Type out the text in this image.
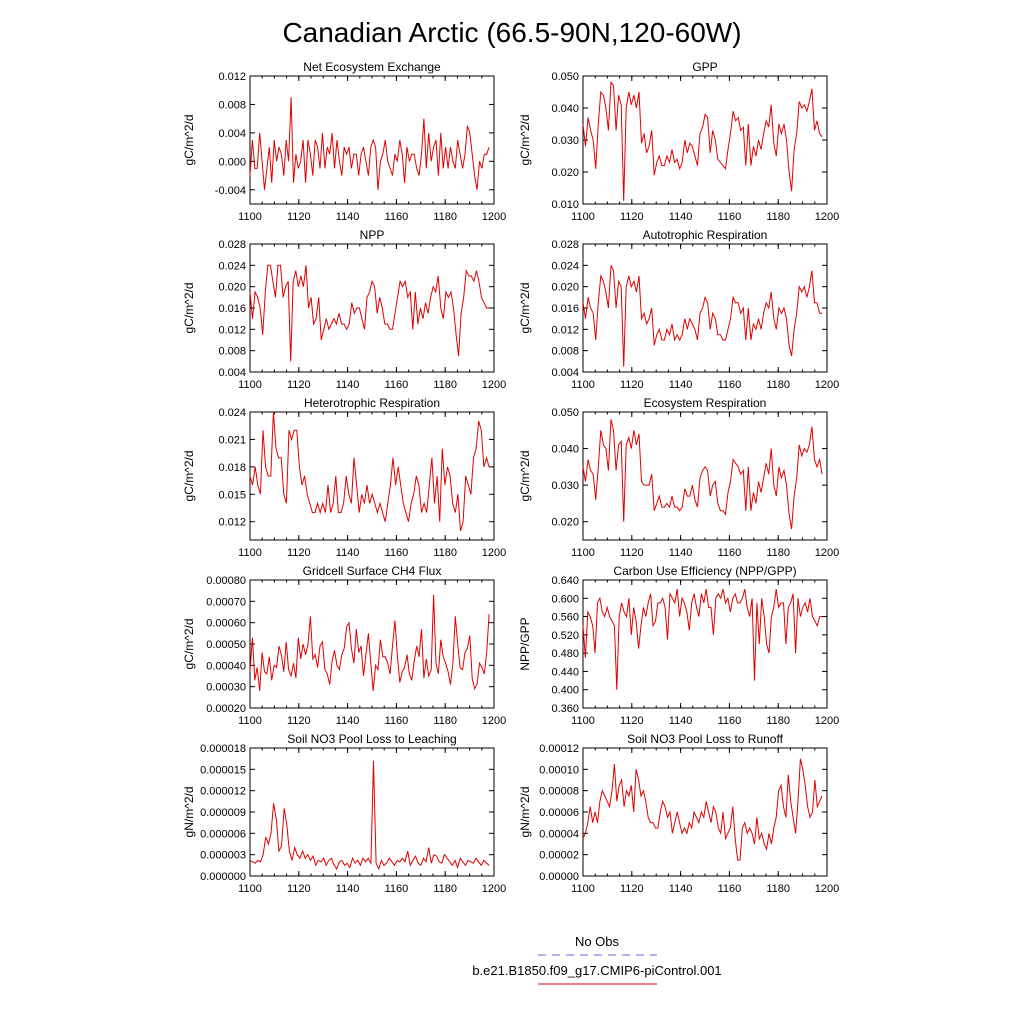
Canadian Arctic (66.5-90N,120-60W)
Net Ecosystem Exchange
gC/m^2/d
1100 1120 1140 1160 1180 1200
-0.004
0.000
0.004
0.008
0.012
GPP
gC/m^2/d
1100 1120 1140 1160 1180 1200
0.010
0.020
0.030
0.040
0.050
NPP
gC/m^2/d
1100 1120 1140 1160 1180 1200
0.004
0.008
0.012
0.016
0.020
0.024
0.028
Autotrophic Respiration
gC/m^2/d
1100 1120 1140 1160 1180 1200
0.004
0.008
0.012
0.016
0.020
0.024
0.028
Heterotrophic Respiration
gC/m^2/d
1100 1120 1140 1160 1180 1200
0.012
0.015
0.018
0.021
0.024
Ecosystem Respiration
gC/m^2/d
1100 1120 1140 1160 1180 1200
0.020
0.030
0.040
0.050
Gridcell Surface CH4 Flux
gC/m^2/d
1100 1120 1140 1160 1180 1200
0.00020
0.00030
0.00040
0.00050
0.00060
0.00070
0.00080
Carbon Use Efficiency (NPP/GPP)
NPP/GPP
1100 1120 1140 1160 1180 1200
0.360
0.400
0.440
0.480
0.520
0.560
0.600
0.640
Soil NO3 Pool Loss to Leaching
gN/m^2/d
1100 1120 1140 1160 1180 1200
0.000000
0.000003
0.000006
0.000009
0.000012
0.000015
0.000018
Soil NO3 Pool Loss to Runoff
gN/m^2/d
1100 1120 1140 1160 1180 1200
0.00000
0.00002
0.00004
0.00006
0.00008
0.00010
0.00012
No Obs
b.e21.B1850.f09_g17.CMIP6-piControl.001
